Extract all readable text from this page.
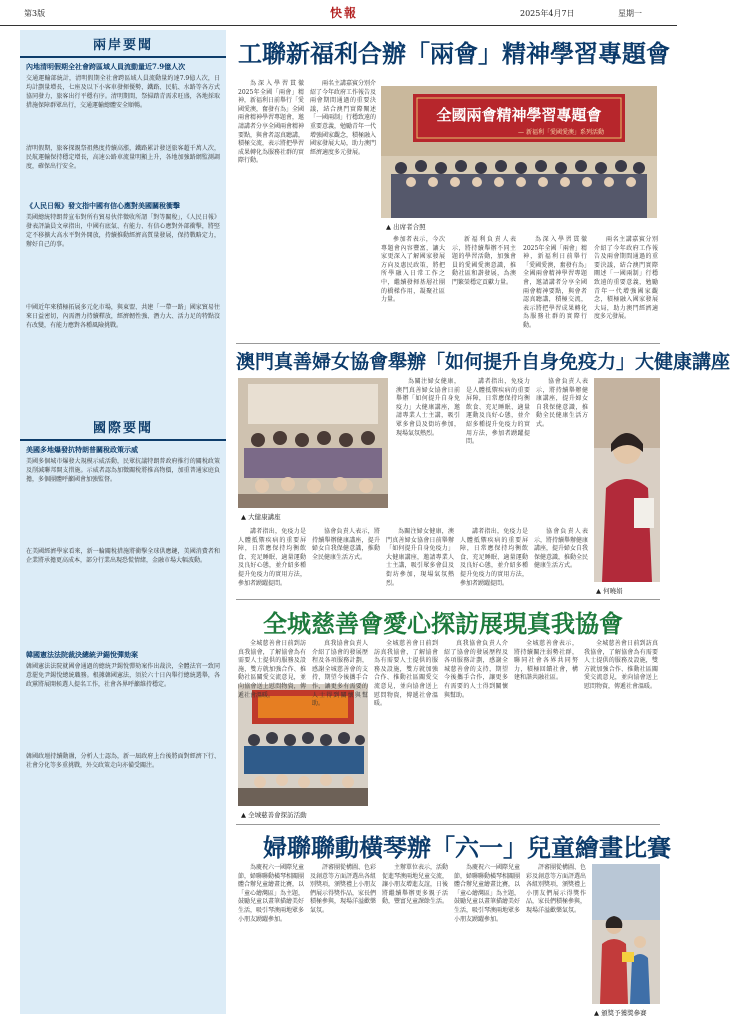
第3版	快報	2025年4月7日	星期一
兩岸要聞
內地清明假期全社會跨區域人員流動量近7.9億人次
交通運輸部統計，清明假期全社會跨區域人員流動量約達7.9億人次，日均計劃量增長，七座及以下小客車發揮優勢，鐵路、民航、水路等各方式協同發力，旅客出行平穩有序。清明期間，祭掃踏青需求旺盛，各地採取措施保障群眾出行，交通運輸總體安全順暢。
清明假期，旅客探親祭祖熱度持續高漲，鐵路累計發送旅客超千萬人次，民航運輸保持穩定增長，高速公路車流量明顯上升，各地加強路網監測調度，確保出行安全。
《人民日報》發文指中國有信心應對美國關稅衝擊
美國總統特朗普宣布對所有貿易伙伴徵收所謂「對等關稅」，《人民日報》發表評論員文章指出，中國有底氣、有能力、有信心應對外部衝擊，將堅定不移擴大高水平對外開放，持續推動經濟高質量發展，保持戰略定力，辦好自己的事。
中國近年來積極拓展多元化市場，與東盟、共建「一帶一路」國家貿易往來日益密切，內需潛力持續釋放，經濟韌性強、潛力大、活力足的特點沒有改變，有能力應對各種風險挑戰。
國際要聞
美國多地爆發抗特朗普關稅政策示威
美國多個城市爆發大規模示威活動，民眾抗議特朗普政府推行的關稅政策及削減聯邦開支措施。示威者認為加徵關稅將推高物價，加重普通家庭負擔，多個團體呼籲國會加強監督。
在美國經濟學家看來，新一輪關稅措施將衝擊全球供應鏈，美國消費者和企業將承擔更高成本，部分行業出現恐慌情緒，金融市場大幅波動。
韓國憲法法院裁決總統尹錫悅彈劾案
韓國憲法法院就國會通過的總統尹錫悅彈劾案作出裁決，全體法官一致同意罷免尹錫悅總統職務。根據韓國憲法，須於六十日內舉行總統選舉，各政黨將展開候選人提名工作，社會各界呼籲維持穩定。
韓國政壇持續動盪，分析人士認為，新一屆政府上台後將面對經濟下行、社會分化等多重挑戰，外交政策走向亦備受關注。
工聯新福利合辦「兩會」精神學習專題會

為深入學習貫徹2025年全國「兩會」精神，新福利日前舉行「愛國愛澳，奮發有為」全國兩會精神學習專題會，邀請講者分享全國兩會精神要點，與會者認真聽講，積極交流，表示將把學習成果轉化為服務社群的實際行動。

兩名主講嘉賓分別介紹了今年政府工作報告及兩會期間通過的重要決議，結合澳門實際闡述「一國兩制」行穩致遠的重要意義，勉勵青年一代增強國家觀念，積極融入國家發展大局，助力澳門經濟適度多元發展。

全國兩會精神學習專題會
— 新福利「愛國愛澳」系列活動
▲ 出席者合照

參加者表示，今次專題會內容豐富，讓大家更深入了解國家發展方向及惠民政策，將把所學融入日常工作之中，繼續發揮基層社團的橋樑作用，凝聚社區力量。

新福利負責人表示，將持續舉辦不同主題的學習活動，加強會員的愛國愛澳意識，推動社區和諧發展，為澳門繁榮穩定貢獻力量。

為深入學習貫徹2025年全國「兩會」精神，新福利日前舉行「愛國愛澳，奮發有為」全國兩會精神學習專題會，邀請講者分享全國兩會精神要點，與會者認真聽講，積極交流，表示將把學習成果轉化為服務社群的實際行動。

兩名主講嘉賓分別介紹了今年政府工作報告及兩會期間通過的重要決議，結合澳門實際闡述「一國兩制」行穩致遠的重要意義，勉勵青年一代增強國家觀念，積極融入國家發展大局，助力澳門經濟適度多元發展。

澳門真善婦女協會舉辦「如何提升自身免疫力」大健康講座
▲ 大健康講座

為關注婦女健康，澳門真善婦女協會日前舉辦「如何提升自身免疫力」大健康講座，邀請專業人士主講，吸引眾多會員及街坊參加，現場氣氛熱烈。

講者指出，免疫力是人體抵禦疾病的重要屏障，日常應保持均衡飲食、充足睡眠、適量運動及良好心態，並介紹多種提升免疫力的實用方法，參加者踴躍提問。

協會負責人表示，將持續舉辦健康講座，提升婦女自我保健意識，推動全民健康生活方式。

▲ 何曉娟

講者指出，免疫力是人體抵禦疾病的重要屏障，日常應保持均衡飲食、充足睡眠、適量運動及良好心態，並介紹多種提升免疫力的實用方法，參加者踴躍提問。

協會負責人表示，將持續舉辦健康講座，提升婦女自我保健意識，推動全民健康生活方式。

為關注婦女健康，澳門真善婦女協會日前舉辦「如何提升自身免疫力」大健康講座，邀請專業人士主講，吸引眾多會員及街坊參加，現場氣氛熱烈。

講者指出，免疫力是人體抵禦疾病的重要屏障，日常應保持均衡飲食、充足睡眠、適量運動及良好心態，並介紹多種提升免疫力的實用方法，參加者踴躍提問。

協會負責人表示，將持續舉辦健康講座，提升婦女自我保健意識，推動全民健康生活方式。

全城慈善會愛心探訪展現真我協會
▲ 全城慈善會探訪活動

全城慈善會日前到訪真我協會，了解協會為有需要人士提供的服務及設施，雙方就加強合作、推動社區關愛交流意見，並向協會送上慰問物資，傳遞社會溫暖。

真我協會負責人介紹了協會的發展歷程及各項服務計劃，感謝全城慈善會的支持，期望今後攜手合作，讓更多有需要的人士得到關懷與幫助。

全城慈善會日前到訪真我協會，了解協會為有需要人士提供的服務及設施，雙方就加強合作、推動社區關愛交流意見，並向協會送上慰問物資，傳遞社會溫暖。

真我協會負責人介紹了協會的發展歷程及各項服務計劃，感謝全城慈善會的支持，期望今後攜手合作，讓更多有需要的人士得到關懷與幫助。

全城慈善會表示，將持續關注弱勢社群，聯同社會各界共同努力，積極回饋社會，構建和諧共融社區。

全城慈善會日前到訪真我協會，了解協會為有需要人士提供的服務及設施，雙方就加強合作、推動社區關愛交流意見，並向協會送上慰問物資，傳遞社會溫暖。

婦聯聯動橫琴辦「六一」兒童繪畫比賽

為慶祝六一國際兒童節，婦聯聯動橫琴相關團體合辦兒童繪畫比賽，以「童心繪灣區」為主題，鼓勵兒童以畫筆描繪美好生活，吸引琴澳兩地眾多小朋友踴躍參加。

評審團從構圖、色彩及創意等方面評選出各組別獎項，頒獎禮上小朋友們展示得獎作品，家長們積極參與，現場洋溢歡樂氣氛。

主辦單位表示，活動促進琴澳兩地兒童交流，讓小朋友增進友誼，日後將繼續舉辦更多親子活動，豐富兒童課餘生活。

為慶祝六一國際兒童節，婦聯聯動橫琴相關團體合辦兒童繪畫比賽，以「童心繪灣區」為主題，鼓勵兒童以畫筆描繪美好生活，吸引琴澳兩地眾多小朋友踴躍參加。

評審團從構圖、色彩及創意等方面評選出各組別獎項，頒獎禮上小朋友們展示得獎作品，家長們積極參與，現場洋溢歡樂氣氛。

▲ 頒獎予獲獎參賽
